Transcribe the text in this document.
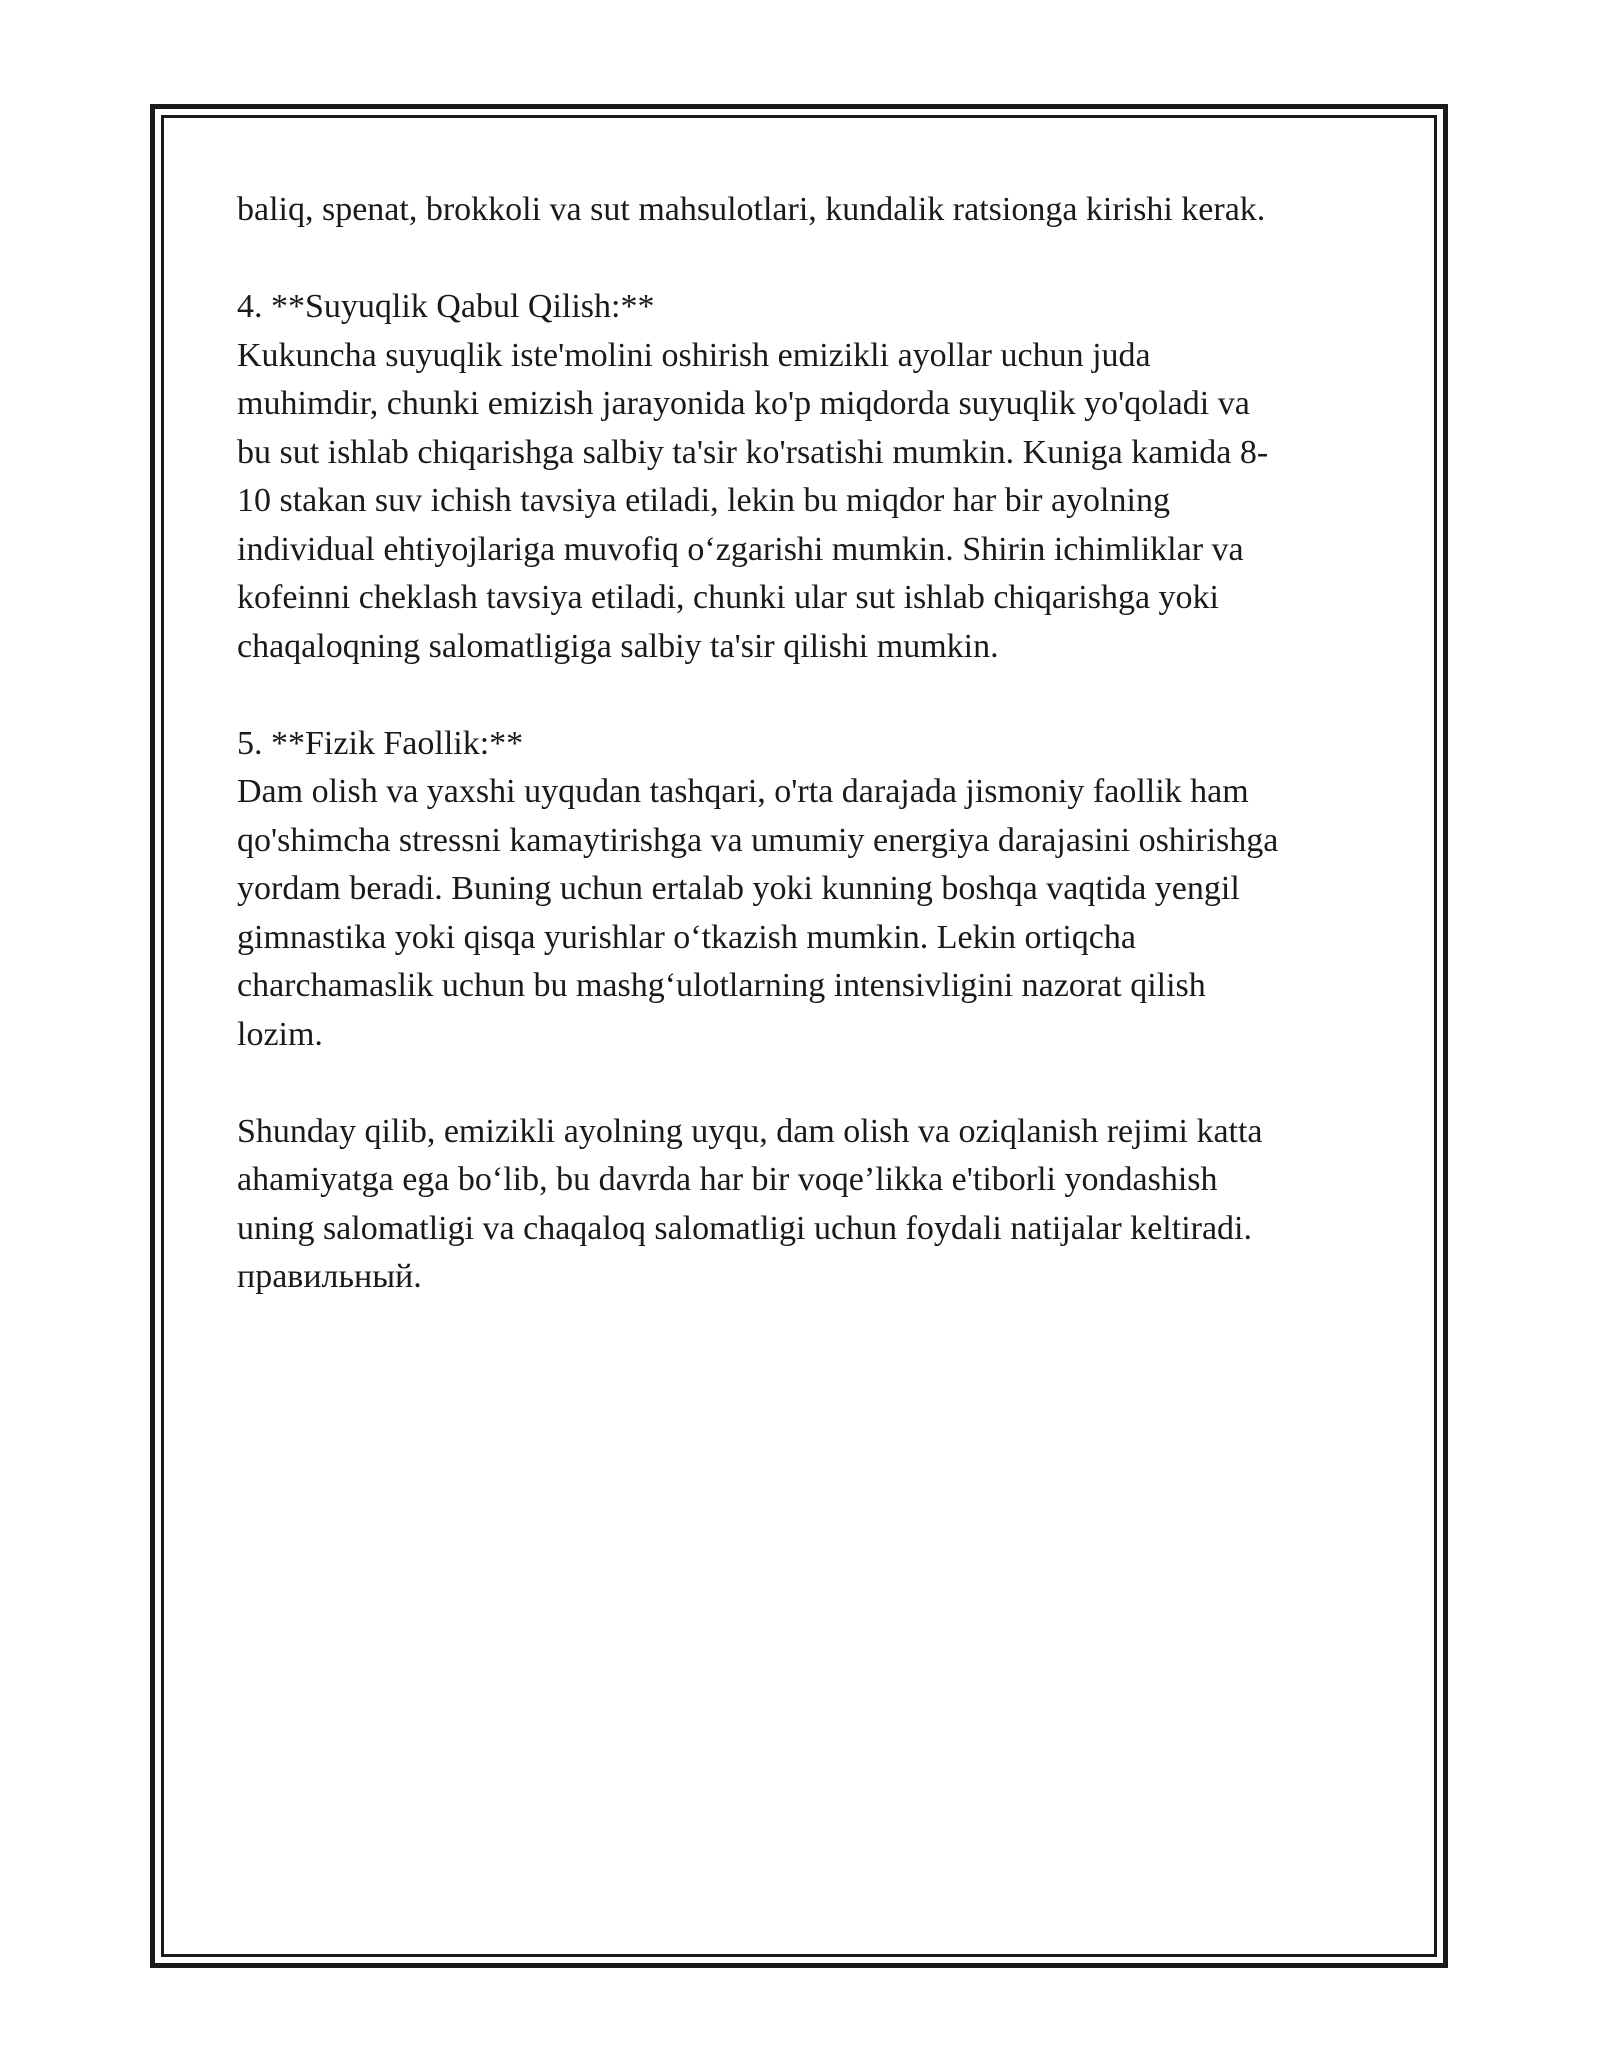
baliq, spenat, brokkoli va sut mahsulotlari, kundalik ratsionga kirishi kerak.

4. **Suyuqlik Qabul Qilish:**

Kukuncha suyuqlik iste'molini oshirish emizikli ayollar uchun juda

muhimdir, chunki emizish jarayonida ko'p miqdorda suyuqlik yo'qoladi va

bu sut ishlab chiqarishga salbiy ta'sir ko'rsatishi mumkin. Kuniga kamida 8-

10 stakan suv ichish tavsiya etiladi, lekin bu miqdor har bir ayolning

individual ehtiyojlariga muvofiq o‘zgarishi mumkin. Shirin ichimliklar va

kofeinni cheklash tavsiya etiladi, chunki ular sut ishlab chiqarishga yoki

chaqaloqning salomatligiga salbiy ta'sir qilishi mumkin.

5. **Fizik Faollik:**

Dam olish va yaxshi uyqudan tashqari, o'rta darajada jismoniy faollik ham

qo'shimcha stressni kamaytirishga va umumiy energiya darajasini oshirishga

yordam beradi. Buning uchun ertalab yoki kunning boshqa vaqtida yengil

gimnastika yoki qisqa yurishlar o‘tkazish mumkin. Lekin ortiqcha

charchamaslik uchun bu mashg‘ulotlarning intensivligini nazorat qilish

lozim.

Shunday qilib, emizikli ayolning uyqu, dam olish va oziqlanish rejimi katta

ahamiyatga ega bo‘lib, bu davrda har bir voqe’likka e'tiborli yondashish

uning salomatligi va chaqaloq salomatligi uchun foydali natijalar keltiradi.

правильный.
